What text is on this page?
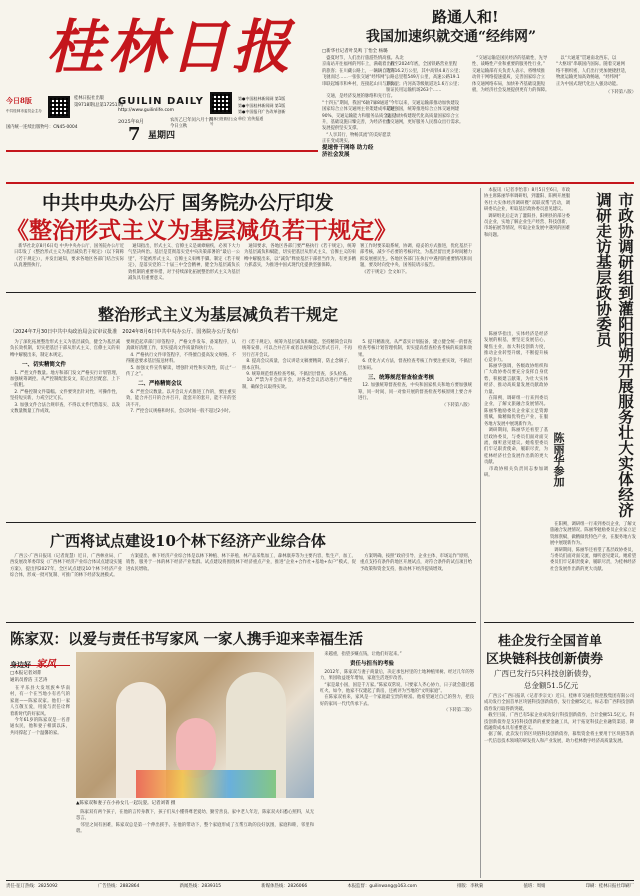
桂林日报
今日8版
中共桂林市委员会主办
桂林日报社出版
第9718期(总第17251期)
国内统一连续出版物号：CN45-0004
GUILIN DAILY
http://www.guilinlife.com
2025年8月
7 星期四
农历乙巳年闰六月十四
今日立秋
桂林日报微信公众号
第●中国桂林新闻网 第1版
第●中国桂林新闻网 第1版
第●中国报刊广告改革创新
单位 宣传报道
路通人和!
我国加速织就交通“经纬网”
□新华社记者叶昊鸣 丁怡全 杨璐
　盛夏时节，人们出行旅游热情高涨。从北
京南站开往福州的列车上，满载着出行
的旅客；在川藏公路上，一辆辆自驾车
飞驰而过……一张张交通“经纬网”，
串联起城市和乡村，连接起山川与湖海。
　交通，是经济发展的脉络和先行官。
“十四五”期间，我国“6轴7廊8通道”
国家综合立体交通网主骨架建成率超过
90%，交通运输能力和服务品质全面提
升，基础设施日臻完善，为经济社会
发展提供坚实支撑。
　“人享其行、物畅其流”的美好愿景
正在变成现实。
提速骨干网络 助力经
济社会发展
　截至2024年底，全国铁路营业里程
达到16.2万公里，其中高铁4.8万公里；
公路总里程549万公里，高速公路19.1
万公里；内河高等级航道达1.6万公里；
颁证民用运输机场263个……
　今年以来，交通运输部推动加快建设
交通强国，统筹推进综合立体交通网建
设，加快构建现代化高质量国家综合立
体交通网，更好服务人民群众出行需求。
　“交通运输是国民经济的基础性、先导
性、战略性产业和重要的服务性行业。”
交通运输部有关负责人表示，将继续推
动骨干网络提速提质，完善国家综合立
体交通网络布局，加快补齐基础设施短
板，为经济社会发展提供更有力的保障。
　以“大通道”贯通南北西东，以
“大枢纽”串联国内国际。随着交通网
络不断织密，人们出行更加便捷舒适，
物流运输更加高效畅通，“经纬网”
正为中国式现代化注入强劲动能。
（下转第八版）
中共中央办公厅 国务院办公厅印发
《整治形式主义为基层减负若干规定》
　新华社北京8月6日电 中共中央办公厅、国务院办公厅近日印发了《整治形式主义为基层减负若干规定》（以下简称《若干规定》），并发出通知，要求各地区各部门结合实际认真遵照执行。
　通知指出，形式主义、官僚主义是顽瘴痼疾，必须下大力气坚决纠治。基层是贯彻落实党中央决策部署的“最后一公里”，不能被形式主义、官僚主义束缚手脚。制定《若干规定》，是落实党的二十届三中全会精神，健全为基层减负长效机制的重要举措，对于持续深化拓展整治形式主义为基层减负具有重要意义。
　通知要求，各地区各部门要严格执行《若干规定》，统筹为基层减负和赋能，切实把基层从形式主义、官僚主义的束缚中解脱出来，以“减负”释放基层干部担当作为，有更多精力抓落实，为推进中国式现代化提供坚强保障。
署工作时要采取系统、协调、稳妥的方式推进，优化基层干部考核，减少不必要的考核评比，为基层留出更多时间精力抓发展惠民生。各地区各部门在执行中遇到的重要情况和问题，要及时向党中央、国务院请示报告。
　《若干规定》全文如下。
整治形式主义为基层减负若干规定
（2024年7月30日中共中央政治局会议审议批准　2024年8月6日中共中央办公厅、国务院办公厅发布）
　为了深化拓展整治形式主义为基层减负，健全为基层减负长效机制，切实把基层干部从形式主义、官僚主义的束缚中解脱出来，制定本规定。
一、切实精简文件
　1. 严控文件数量。地方和部门发文严格实行计划管理，加强统筹调控。从严控制配套发文，防止层层配套、上下一般粗。
　2. 严格控制文件篇幅。文件要突出针对性、可操作性，坚持短实新，力戒空泛冗长。
　3. 加强文件合法合规审查，不得以文件代替落实、以发文数量衡量工作成效。
要规范起草部门审签程序，严格文件发布、备案程序，认真做好清理工作，切实提高文件质量和执行力。
　4. 严格执行文件审签程序，不得擅自提高发文规格，不得随意要求基层报送材料。
　5. 加强文件宣传解读，增强针对性和实效性，防止“一传了之”。
二、严格精简会议
　6. 严控会议数量。以开会议方式推进工作的，要注重实效，能合并召开的合并召开，能套开的套开，能不开的坚决不开。
　7. 严控会议规格和时长，会议时间一般不超过2小时。
行《若干规定》，统筹为基层减负和赋能。坚持精简会议和统筹安排，可以合并召开或者以视频会议形式召开，不再另行召开会议。
　8. 提高会议质量，会议讲话文稿要精简，防止念稿子、照本宣科。
　9. 统筹规范督查检查考核，不搞层层督查、多头检查。
　10. 严禁为开会而开会，对各类会议活动进行严格控制，确保会议取得实效。
　5. 提升精准度。从严落实计划报备，建立健全统一的督查检查考核计划管理机制，切实提高督查检查考核的质量和效果。
　6. 优化方式方法，督查检查考核工作要注重实效，不搞层层加码。
三、统筹规范督查检查考核
　12. 加强统筹督查检查，中央和国家机关和地方要加强统筹，同一时间、同一对象开展的督查检查考核原则上要合并进行。
　（下转第八版）
广西将试点建设10个林下经济产业综合体
　广西云-广西日报讯（记者庞慧）近日，广西林业局、广西发展改革委印发《广西林下经济产业综合体试点建设实施方案》，提出到2027年，全区试点建设10个林下经济产业综合体，形成一批可复制、可推广的林下经济发展模式。
　方案提出，林下经济产业综合体是以林下种植、林下养殖、林产品采集加工、森林康养等为主要内容，集生产、加工、销售、服务于一体的林下经济产业集群。试点建设将围绕林下经济重点产业，推进“企业+合作社+基地+农户”模式，促进农民增收。
　方案明确，按照“政府引导、企业主体、市场运作”原则，重点支持有条件的地区开展试点，对符合条件的试点项目给予政策和资金支持，推动林下经济提质增效。
陈家双：以爱与责任书写家风 一家人携手迎来幸福生活
身边好 家风
□本报记者刘菁
通讯员曾洁 王艺涛
　在平乐县大发瑶族乡华南村，有一个在当地小有名气的家庭——陈家双家。他们一家人互敬互爱，用爱与责任诠释着新时代的好家风。
　今年61岁的陈家双是一名普通农民，他和妻子相濡以沫，共同撑起了一个温馨的家。
▲陈家双和妻子在小孙女儿一起玩耍。记者刘菁 摄
　陈家双有两个孩子，在他的言传身教下，孩子们从小懂得尊老爱幼、勤劳善良。家中老人年迈，陈家双夫妇悉心照料，从无怨言。
　邻里之间有困难，陈家双总是第一个伸出援手。在他的带动下，整个家庭形成了互帮互助的良好氛围，家庭和睦，邻里和谐。
　来越重，指望多赚点钱，让他们好起来。”
责任与担当的考验
　2012年，陈家双与妻子商量后，决定承包村里的土地种植果树。经过几年的努力，果园收益逐年增加，家庭生活逐步改善。
　“家是最小国，国是千万家。”陈家双常说，只要家人齐心协力，日子就会越过越红火。如今，他家不仅建起了新房，还被评为当地的“文明家庭”。
　在陈家双看来，家风是一个家庭最宝贵的财富。他希望通过自己的努力，把良好的家风一代代传承下去。
（下转第二版）
　本报讯（记者李怡菲）8月5日至6日，市政协主席陈丽华率调研组，到灌阳、阳朔开展服务壮大实体经济调研暨“双联双帮”活动，调研委员企业，听取基层政协委员意见建议。
　调研组先后走访了灌阳县、阳朔县的部分委员企业，实地了解企业生产经营、科技创新、市场拓展等情况，听取企业发展中遇到的困难和问题。	市政协调研组到灌阳阳朔开展服务壮大实体经济调研走访基层政协委员
陈丽华参加
　陈丽华指出，实体经济是经济发展的根基，要坚定发展信心，聚焦主业，加大科技创新力度，推动企业转型升级，不断提升核心竞争力。
　陈丽华强调，各级政协组织和广大政协委员要充分发挥自身优势，积极建言献策，为壮大实体经济、推动高质量发展贡献政协力量。
　在阳朔，调研组一行来到委员企业，了解文旅融合发展情况。陈丽华勉励委员企业家立足资源禀赋，做精做优特色产业，在服务地方发展中展现新作为。
　调研期间，陈丽华还看望了基层政协委员，与委员们面对面交流，倾听意见建议。她希望委员们牢记职责使命，履职尽责，为桂林经济社会发展作出新的更大贡献。
　市政协相关负责同志参加调研。
　在阳朔，调研组一行来到委员企业，了解文旅融合发展情况。陈丽华勉励委员企业家立足资源禀赋，做精做优特色产业，在服务地方发展中展现新作为。
　调研期间，陈丽华还看望了基层政协委员，与委员们面对面交流，倾听意见建议。她希望委员们牢记职责使命，履职尽责，为桂林经济社会发展作出新的更大贡献。
桂企发行全国首单
区块链科技创新债券
广西已发行5只科技创新债券，
总金额51.5亿元
　广西云-广西日报讯（记者李宗文）近日，桂林市交通投资控股集团有限公司成功发行全国首单区块链科技创新债券，发行金额5亿元，标志着广西科技创新债券发行取得新突破。
　截至目前，广西已有5家企业成功发行科技创新债券，合计金额51.5亿元。科技创新债券是支持科技创新的重要金融工具，对于拓宽科技企业融资渠道、降低融资成本具有重要意义。
　据了解，此次发行的区块链科技创新债券，募集资金将主要用于区块链等新一代信息技术领域的研发投入和产业发展，助力桂林数字经济高质量发展。
责任·征订热线：2825092	广告热线：2882864	新闻热线：2839315	新媒体热线：2826066	本报监督：guilinwang@163.com	排版：李秋菊	值班：周娟	印刷：桂林日报社印刷厂
